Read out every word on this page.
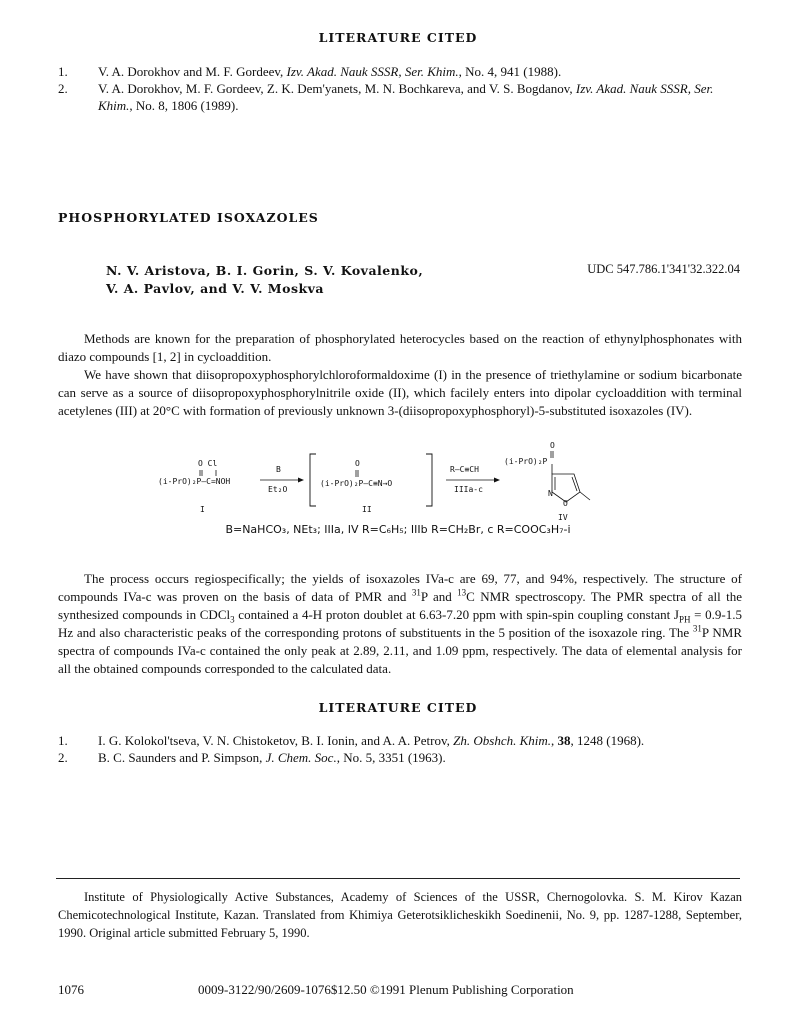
LITERATURE CITED
1. V. A. Dorokhov and M. F. Gordeev, Izv. Akad. Nauk SSSR, Ser. Khim., No. 4, 941 (1988).
2. V. A. Dorokhov, M. F. Gordeev, Z. K. Dem'yanets, M. N. Bochkareva, and V. S. Bogdanov, Izv. Akad. Nauk SSSR, Ser. Khim., No. 8, 1806 (1989).
PHOSPHORYLATED ISOXAZOLES
N. V. Aristova, B. I. Gorin, S. V. Kovalenko,
V. A. Pavlov, and V. V. Moskva
UDC 547.786.1'341'32.322.04

Methods are known for the preparation of phosphorylated heterocycles based on the reaction of ethynylphosphonates with diazo compounds [1, 2] in cycloaddition.

We have shown that diisopropoxyphosphorylchloroformaldoxime (I) in the presence of triethylamine or sodium bicarbonate can serve as a source of diisopropoxyphosphorylnitrile oxide (II), which facilely enters into dipolar cycloaddition with terminal acetylenes (III) at 20°C with formation of previously unknown 3-(diisopropoxyphosphoryl)-5-substituted isoxazoles (IV).

O Cl
(i-PrO)₂P—C=NOH
I
B
Et₂O
O
(i-PrO)₂P—C≡N→O
II
R—C≡CH
IIIa-c
O
(i-PrO)₂P
N
O
IV
B=NaHCO₃, NEt₃; IIIa, IV R=C₆H₅; IIIb R=CH₂Br, c R=COOC₃H₇-i

The process occurs regiospecifically; the yields of isoxazoles IVa-c are 69, 77, and 94%, respectively. The structure of compounds IVa-c was proven on the basis of data of PMR and $^{31}$P and $^{13}$C NMR spectroscopy. The PMR spectra of all the synthesized compounds in CDCl$_3$ contained a 4-H proton doublet at 6.63-7.20 ppm with spin-spin coupling constant $J_{PH} = 0.9-1.5$ Hz and also characteristic peaks of the corresponding protons of substituents in the 5 position of the isoxazole ring. The $^{31}$P NMR spectra of compounds IVa-c contained the only peak at 2.89, 2.11, and 1.09 ppm, respectively. The data of elemental analysis for all the obtained compounds corresponded to the calculated data.

LITERATURE CITED
1. I. G. Kolokol'tseva, V. N. Chistoketov, B. I. Ionin, and A. A. Petrov, Zh. Obshch. Khim., 38, 1248 (1968).
2. B. C. Saunders and P. Simpson, J. Chem. Soc., No. 5, 3351 (1963).
Institute of Physiologically Active Substances, Academy of Sciences of the USSR, Chernogolovka. S. M. Kirov Kazan Chemicotechnological Institute, Kazan. Translated from Khimiya Geterotsiklicheskikh Soedinenii, No. 9, pp. 1287-1288, September, 1990. Original article submitted February 5, 1990.
1076	0009-3122/90/2609-1076$12.50 ©1991 Plenum Publishing Corporation
